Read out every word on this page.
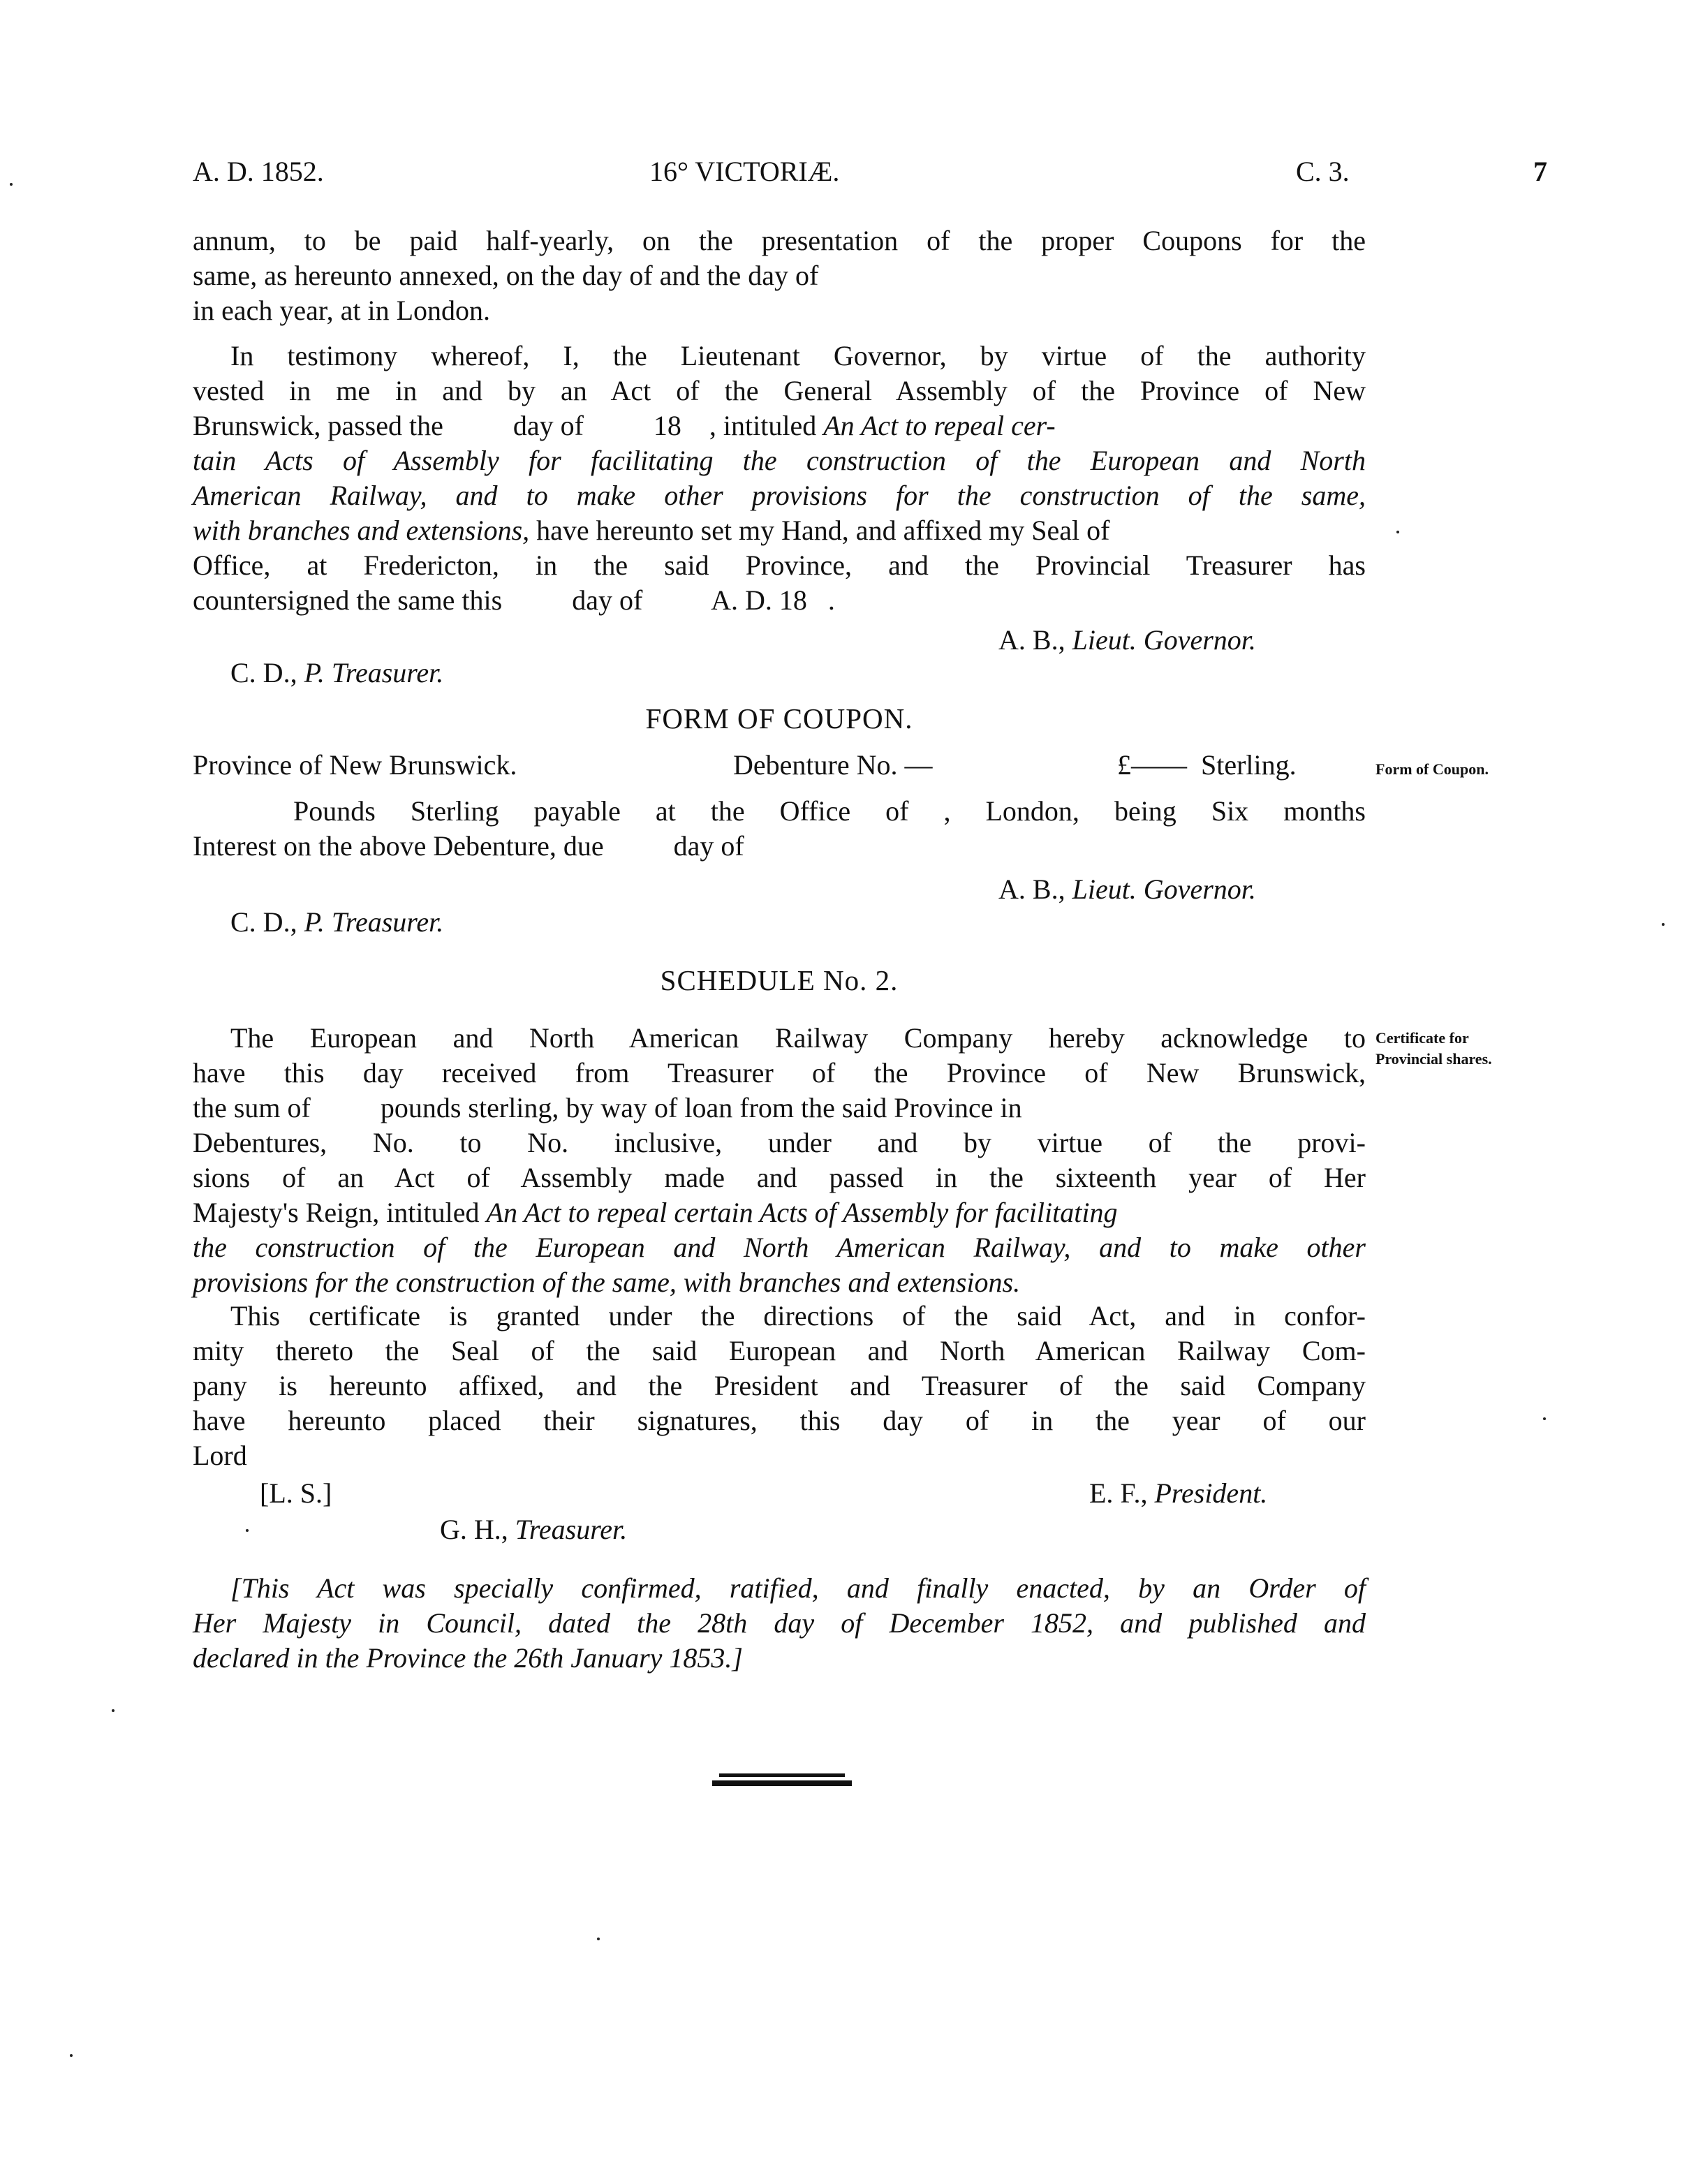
A. D. 1852.	16° VICTORIÆ.	C. 3.	7
annum, to be paid half-yearly, on the presentation of the proper Coupons for the
same, as hereunto annexed, on the day of and the day of
in each year, at in London.
In testimony whereof, I, the Lieutenant Governor, by virtue of the authority
vested in me in and by an Act of the General Assembly of the Province of New
Brunswick, passed the          day of          18    , intituled An Act to repeal cer-
tain Acts of Assembly for facilitating the construction of the European and North
American Railway, and to make other provisions for the construction of the same,
with branches and extensions, have hereunto set my Hand, and affixed my Seal of
Office, at Fredericton, in the said Province, and the Provincial Treasurer has
countersigned the same this          day of          A. D. 18   .
A. B., Lieut. Governor.
C. D., P. Treasurer.
FORM OF COUPON.
Province of New Brunswick.	Debenture No. —	£——  Sterling.	Form of Coupon.
Pounds Sterling payable at the Office of , London, being Six months
Interest on the above Debenture, due          day of
A. B., Lieut. Governor.
C. D., P. Treasurer.
SCHEDULE No. 2.
Certificate for
Provincial shares.
The European and North American Railway Company hereby acknowledge to
have this day received from Treasurer of the Province of New Brunswick,
the sum of          pounds sterling, by way of loan from the said Province in
Debentures, No. to No. inclusive, under and by virtue of the provi-
sions of an Act of Assembly made and passed in the sixteenth year of Her
Majesty's Reign, intituled An Act to repeal certain Acts of Assembly for facilitating
the construction of the European and North American Railway, and to make other
provisions for the construction of the same, with branches and extensions.
This certificate is granted under the directions of the said Act, and in confor-
mity thereto the Seal of the said European and North American Railway Com-
pany is hereunto affixed, and the President and Treasurer of the said Company
have hereunto placed their signatures, this day of in the year of our
Lord
[L. S.]	E. F., President.
G. H., Treasurer.
[This Act was specially confirmed, ratified, and finally enacted, by an Order of
Her Majesty in Council, dated the 28th day of December 1852, and published and
declared in the Province the 26th January 1853.]
